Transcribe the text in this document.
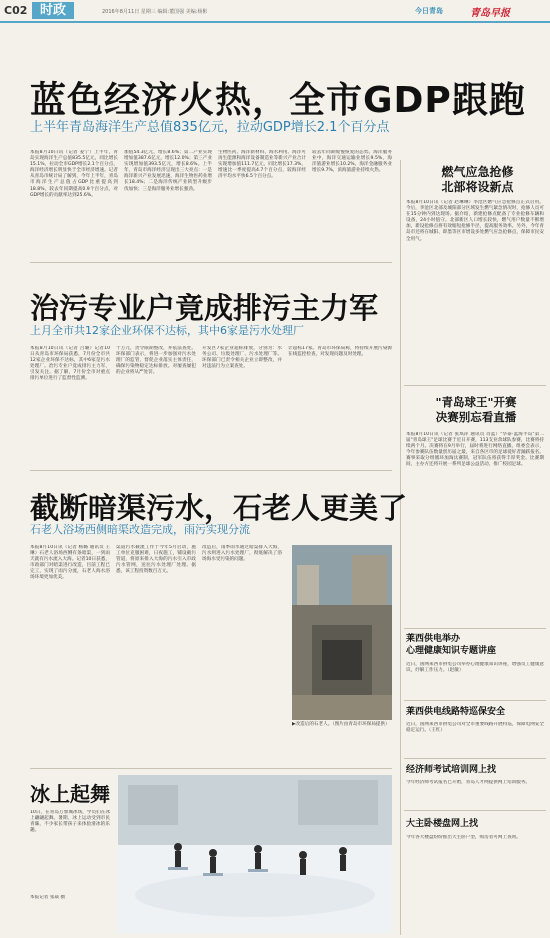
C02 时政	2016年8月11日 星期三 编辑:董国强 美编:杨彬	今日青岛	青岛早报
蓝色经济火热，全市GDP跟跑
上半年青岛海洋生产总值835亿元，拉动GDP增长2.1个百分点
本报8月10日讯（记者 姜宁）上半年，青岛实现海洋生产总值835.5亿元，同比增长15.1%，拉动全市GDP增长2.1个百分点，海洋经济增长明显快于全市经济增速。记者从青岛市统计局了解到，今年上半年，青岛市海洋生产总值占GDP比重提高到18.8%，较去年同期提高0.9个百分点，对GDP增长的贡献率达到25.6%。
加值54.3亿元，增长8.6%；第二产业实现增加值387.6亿元，增长12.0%；第三产业实现增加值393.5亿元，增长8.6%。上半年，青岛市海洋经济呈现出三大亮点：一是海洋新兴产业发展迅速，海洋生物医药业增长18.4%；二是海洋传统产业转型升级步伐加快；三是海洋服务业增长强劲。
生物医药、海洋新材料、海水利用、海洋可再生能源和海洋设备制造业等新兴产业合计实现增加值111.7亿元，同比增长17.3%，增速比一季度提高4.7个百分点，较海洋经济平均水平快6.5个百分点。
较去年同期缓慢恢复的态势。海洋服务业中，海洋交通运输业增长9.5%，海洋旅游业增长10.2%，海洋金融服务业增长9.7%，滨海旅游业持续火热。	燃气应急抢修
北部将设新点
本报8月10日讯（记者 赵琳琳）李沧区燃气应急抢修点正式启用。今后，李沧区北部及城阳部分区域发生燃气紧急情况时，抢修人员可在15分钟内到达现场。据介绍，新建抢修点配备了专业抢修车辆和设备，24小时值守。北部新区人口增长较快，燃气用户数量不断增加，新设抢修点将有效缩短抢修半径，提高服务效率。另外，今年青岛市还将在城阳、即墨等区市增设多处燃气应急抢修点，保障市民安全用气。
治污专业户竟成排污主力军
上月全市共12家企业环保不达标，其中6家是污水处理厂
本报8月10日讯（记者 吕璐）记者10日从青岛市环保局获悉，7月份全市共12家企业环保不达标，其中6家是污水处理厂。治污专业户竟成排污主力军，引发关注。据了解，7月份全市对重点排污单位进行了监督性监测。
十万元，责令限期整改，并依法查处。环保部门表示，将进一步加强对污水处理厂的监管，督促企业落实主体责任，确保污染物稳定达标排放。对屡查屡犯的企业将从严处罚。
开发区7家企业超标排放，分别为：水务公司、垃圾处理厂、污水处理厂等。环保部门已责令相关企业立即整改，并对违法行为立案查处。
计超标17家。青岛市环保局称，将持续开展污染源在线监控检查，对发现问题及时处理。
"青岛球王"开赛
决赛别忘看直播
本报8月10日讯（记者 张琪萍 通讯员 肖蓝）"华泰·蓝海半岛"第二届"青岛球王"足球比赛于近日开赛，113支业余球队参赛，比赛将持续两个月。决赛将在9月举行，届时将进行网络直播。组委会表示，今年参赛队伍数量创历届之最，来自各区市的足球爱好者踊跃报名。赛事采取分组循环加淘汰赛制，冠军队伍将获得丰厚奖金。比赛期间，主办方还将开展一系列足球公益活动，推广校园足球。
截断暗渠污水，石老人更美了
石老人浴场西侧暗渠改造完成，雨污实现分流
本报8月10日讯（记者 杨璐 通讯员 王琳）石老人浴场西侧有条暗渠，一到雨天就有污水流入大海。记者10日获悉，市政部门对暗渠进行改造，目前工程已完工，实现了雨污分流，石老人海水浴场环境更加优美。
渠道污水截流工作于今年5月启动，施工单位克服困难，日夜施工，铺设截污管道，将原来排入大海的污水引入市政污水管网，送往污水处理厂处理。据悉，该工程投资数百万元。
改造后，雨季雨水通过暗渠排入大海，污水则进入污水处理厂，彻底解决了浴场海水受污染的问题。
▶改造后的石老人。（图片由青岛市环保局提供）
莱西供电举办
心理健康知识专题讲座
近日，国网莱西市供电公司举办心理健康知识讲座，增强员工健康意识，纾解工作压力。（赵敏）
莱西供电线路特巡保安全
近日，国网莱西市供电公司对全市重要线路开展特巡，保障电网安全稳定运行。（王红）
经济师考试培训网上找
今年经济师考试报名已开始，青岛人才网提供网上培训服务。
大主卧楼盘网上找
今年各大楼盘纷纷推出大主卧户型，购房者可网上查询。
冰上起舞
10日，在青岛万象城冰场，学员们在冰上翩翩起舞。暑期，冰上运动受到市民青睐，不少家长带孩子来体验滑冰的乐趣。
本报记者 张焱 摄
